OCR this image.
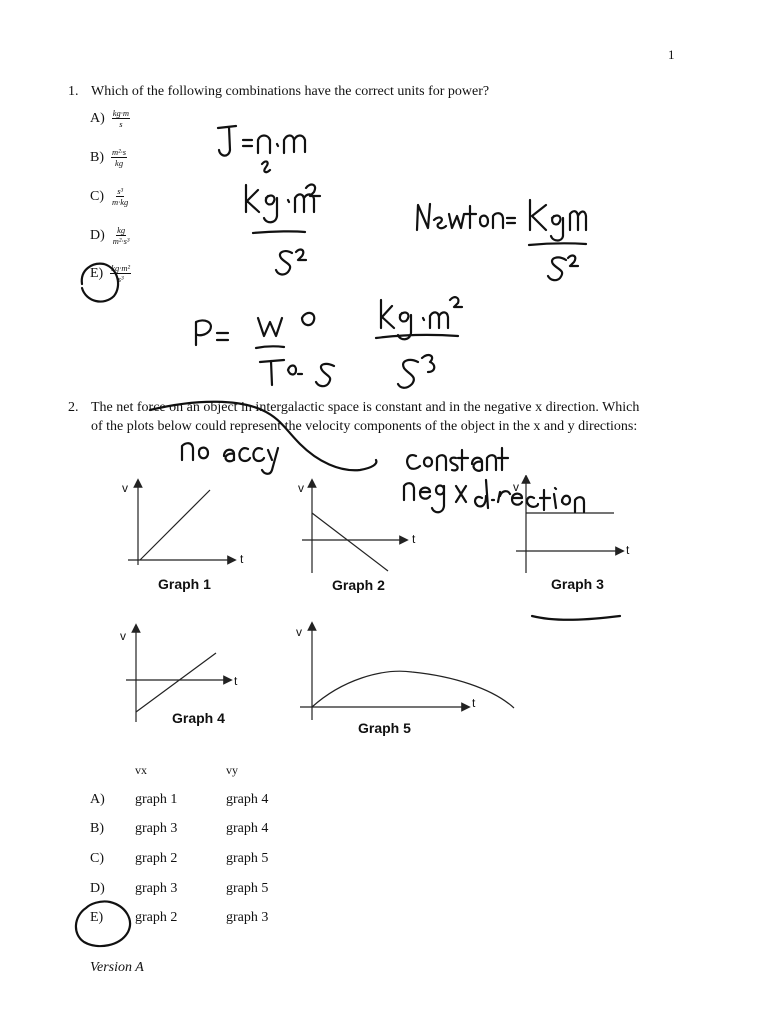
1
1. Which of the following combinations have the correct units for power?
$A) \frac{kg\cdot m}{s}$
$B) \frac{\text{m²·s}}{kg}$
$C) \frac{\text{s³}}{m\cdot kg}$
$D) \frac{kg}{\text{m²·s³}}$
$E) \frac{\text{kg·m²}}{\text{s³}}$
2. The net force on an object in intergalactic space is constant and in the negative x direction. Which of the plots below could represent the velocity components of the object in the x and y directions:
v
t
Graph 1
v
t
Graph 2
v
t
Graph 3
v
t
Graph 4
v
t
Graph 5
vx	vy
A) graph 1	graph 4
B) graph 3	graph 4
C) graph 2	graph 5
D) graph 3	graph 5
E) graph 2	graph 3
Version A
